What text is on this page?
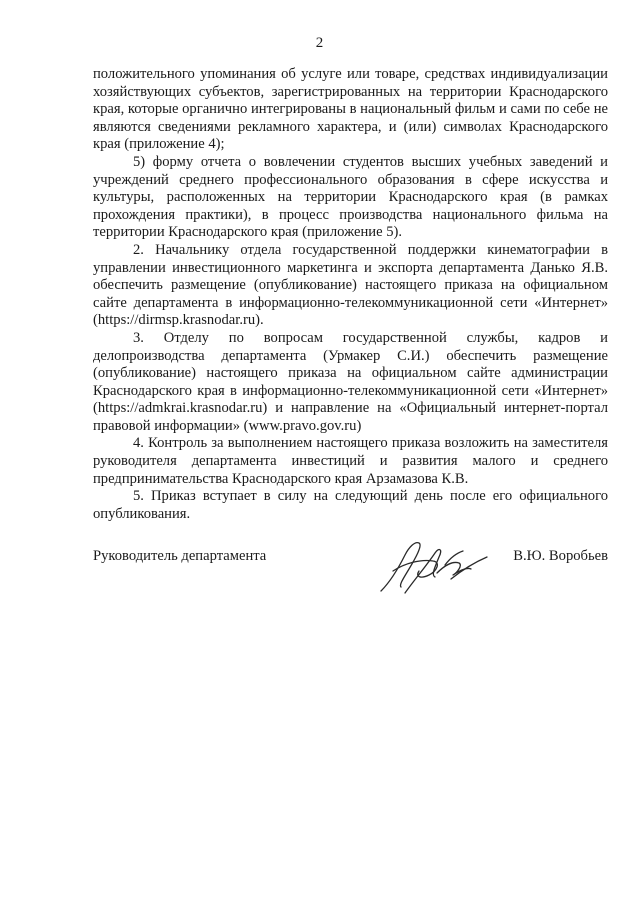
2

положительного упоминания об услуге или товаре, средствах индивидуализации хозяйствующих субъектов, зарегистрированных на территории Краснодарского края, которые органично интегрированы в национальный фильм и сами по себе не являются сведениями рекламного характера, и (или) символах Краснодарского края (приложение 4);

5) форму отчета о вовлечении студентов высших учебных заведений и учреждений среднего профессионального образования в сфере искусства и культуры, расположенных на территории Краснодарского края (в рамках прохождения практики), в процесс производства национального фильма на территории Краснодарского края (приложение 5).

2. Начальнику отдела государственной поддержки кинематографии в управлении инвестиционного маркетинга и экспорта департамента Данько Я.В. обеспечить размещение (опубликование) настоящего приказа на официальном сайте департамента в информационно-телекоммуникационной сети «Интернет» (https://dirmsp.krasnodar.ru).

3. Отделу по вопросам государственной службы, кадров и делопроизводства департамента (Урмакер С.И.) обеспечить размещение (опубликование) настоящего приказа на официальном сайте администрации Краснодарского края в информационно-телекоммуникационной сети «Интернет» (https://admkrai.krasnodar.ru) и направление на «Официальный интернет-портал правовой информации» (www.pravo.gov.ru)

4. Контроль за выполнением настоящего приказа возложить на заместителя руководителя департамента инвестиций и развития малого и среднего предпринимательства Краснодарского края Арзамазова К.В.

5. Приказ вступает в силу на следующий день после его официального опубликования.

Руководитель департамента	В.Ю. Воробьев
